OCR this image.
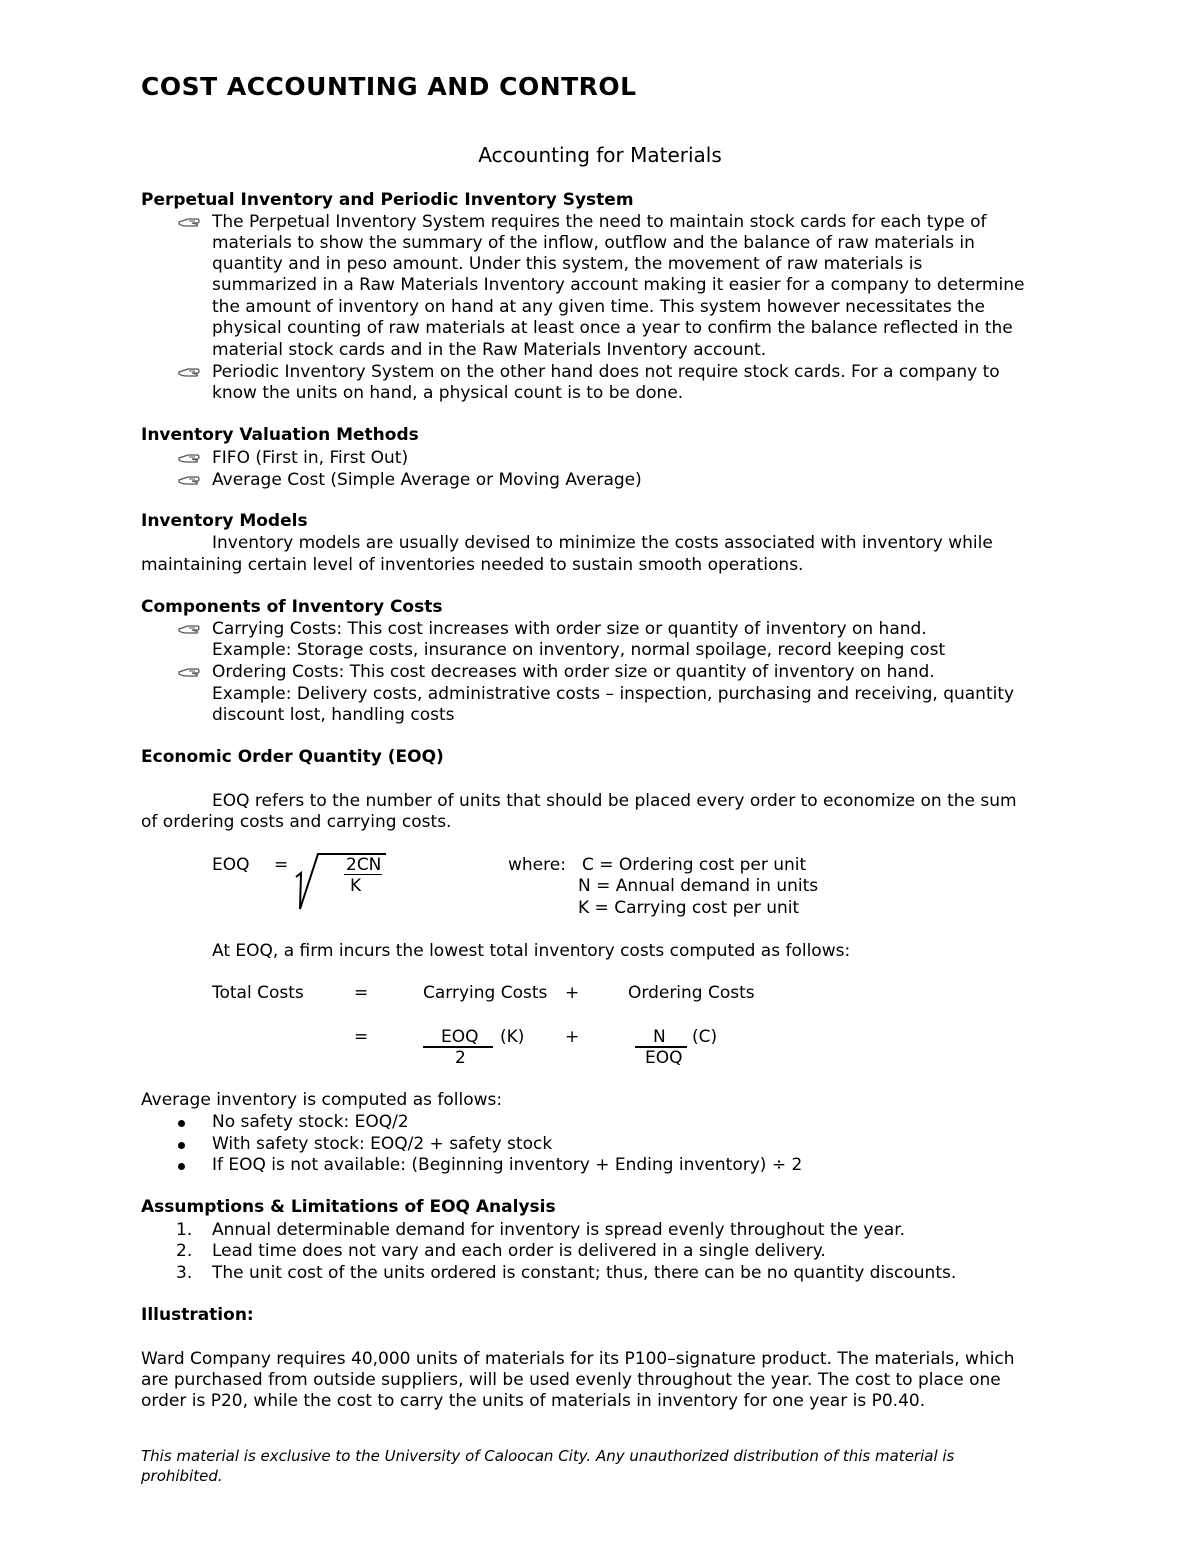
COST ACCOUNTING AND CONTROL
Accounting for Materials
Perpetual Inventory and Periodic Inventory System
The Perpetual Inventory System requires the need to maintain stock cards for each type of
materials to show the summary of the inflow, outflow and the balance of raw materials in
quantity and in peso amount. Under this system, the movement of raw materials is
summarized in a Raw Materials Inventory account making it easier for a company to determine
the amount of inventory on hand at any given time. This system however necessitates the
physical counting of raw materials at least once a year to confirm the balance reflected in the
material stock cards and in the Raw Materials Inventory account.
Periodic Inventory System on the other hand does not require stock cards. For a company to
know the units on hand, a physical count is to be done.
Inventory Valuation Methods
FIFO (First in, First Out)
Average Cost (Simple Average or Moving Average)
Inventory Models
Inventory models are usually devised to minimize the costs associated with inventory while
maintaining certain level of inventories needed to sustain smooth operations.
Components of Inventory Costs
Carrying Costs: This cost increases with order size or quantity of inventory on hand.
Example: Storage costs, insurance on inventory, normal spoilage, record keeping cost
Ordering Costs: This cost decreases with order size or quantity of inventory on hand.
Example: Delivery costs, administrative costs – inspection, purchasing and receiving, quantity
discount lost, handling costs
Economic Order Quantity (EOQ)
EOQ refers to the number of units that should be placed every order to economize on the sum
of ordering costs and carrying costs.
EOQ =	2CN
K
where: C = Ordering cost per unit
N = Annual demand in units
K = Carrying cost per unit
At EOQ, a firm incurs the lowest total inventory costs computed as follows:
Total Costs	=	Carrying Costs +	Ordering Costs
=	EOQ
2
(K) +	N
EOQ
(C)
Average inventory is computed as follows:
No safety stock: EOQ/2
With safety stock: EOQ/2 + safety stock
If EOQ is not available: (Beginning inventory + Ending inventory) ÷ 2
Assumptions & Limitations of EOQ Analysis
1. Annual determinable demand for inventory is spread evenly throughout the year.
2. Lead time does not vary and each order is delivered in a single delivery.
3. The unit cost of the units ordered is constant; thus, there can be no quantity discounts.
Illustration:
Ward Company requires 40,000 units of materials for its P100–signature product. The materials, which
are purchased from outside suppliers, will be used evenly throughout the year. The cost to place one
order is P20, while the cost to carry the units of materials in inventory for one year is P0.40.
This material is exclusive to the University of Caloocan City. Any unauthorized distribution of this material is
prohibited.
